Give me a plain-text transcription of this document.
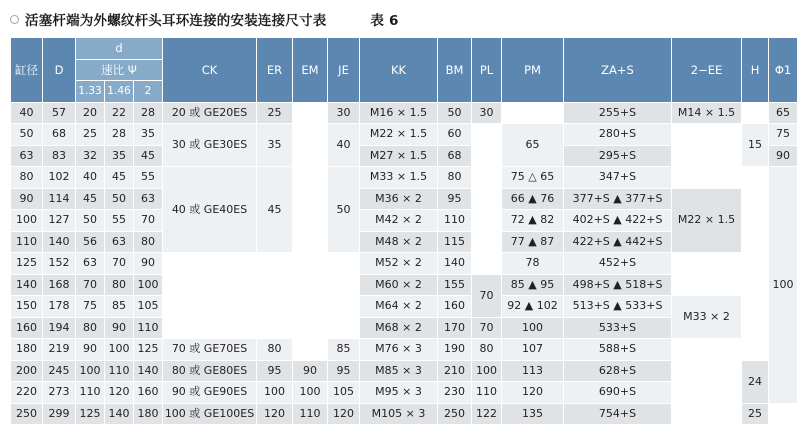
活塞杆端为外螺纹杆头耳环连接的安装连接尺寸表	表 6
缸径	D	d			CK	ER	EM	JE	KK	BM	PL	PM	ZA+S	2−EE	H	Φ1
		速比 Ψ														
		1.33	1.46	2												
40	57	20	22	28	20 或 GE20ES	25		30	M16 × 1.5	50	30		255+S	M14 × 1.5		65
50	68	25	28	35	30 或 GE30ES	35		40	M22 × 1.5	60		65	280+S		15	75
63	83	32	35	45					M27 × 1.5	68			295+S			90
80	102	40	45	55	40 或 GE40ES	45		50	M33 × 1.5	80		75 △ 65	347+S			100
90	114	45	50	63					M36 × 2	95		66 ▲ 76	377+S ▲ 377+S	M22 × 1.5		
100	127	50	55	70					M42 × 2	110		72 ▲ 82	402+S ▲ 422+S			
110	140	56	63	80					M48 × 2	115		77 ▲ 87	422+S ▲ 442+S			
125	152	63	70	90					M52 × 2	140		78	452+S			
140	168	70	80	100					M60 × 2	155	70	85 ▲ 95	498+S ▲ 518+S			
150	178	75	85	105					M64 × 2	160		92 ▲ 102	513+S ▲ 533+S	M33 × 2		
160	194	80	90	110					M68 × 2	170	70	100	533+S			
180	219	90	100	125	70 或 GE70ES	80		85	M76 × 3	190	80	107	588+S			
200	245	100	110	140	80 或 GE80ES	95	90	95	M85 × 3	210	100	113	628+S		24	
220	273	110	120	160	90 或 GE90ES	100	100	105	M95 × 3	230	110	120	690+S			
250	299	125	140	180	100 或 GE100ES	120	110	120	M105 × 3	250	122	135	754+S		25	
